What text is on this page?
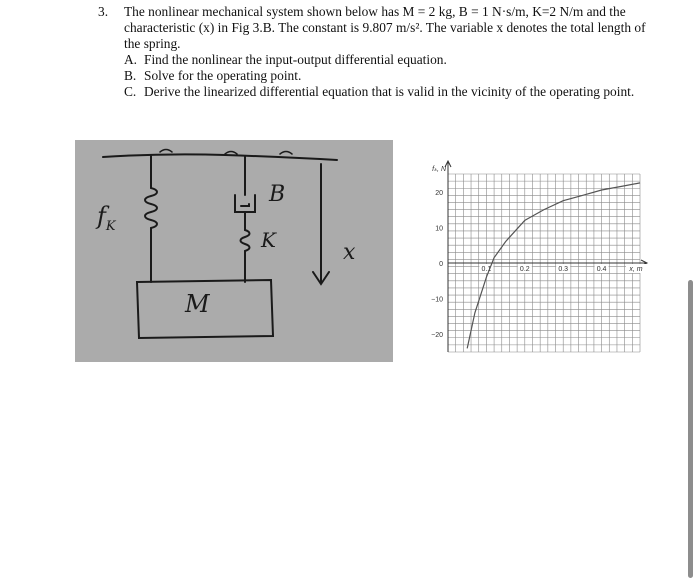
3.	The nonlinear mechanical system shown below has M = 2 kg, B = 1 N·s/m, K=2 N/m and the characteristic (x) in Fig 3.B. The constant is 9.807 m/s². The variable x denotes the total length of the spring.
A. Find the nonlinear the input-output differential equation.
B. Solve for the operating point.
C. Derive the linearized differential equation that is valid in the vicinity of the operating point.
$f_K$
B
K
M
x
20
10
0
−10
−20
0.1	0.2	0.3	0.4
fₖ, N
x, m
